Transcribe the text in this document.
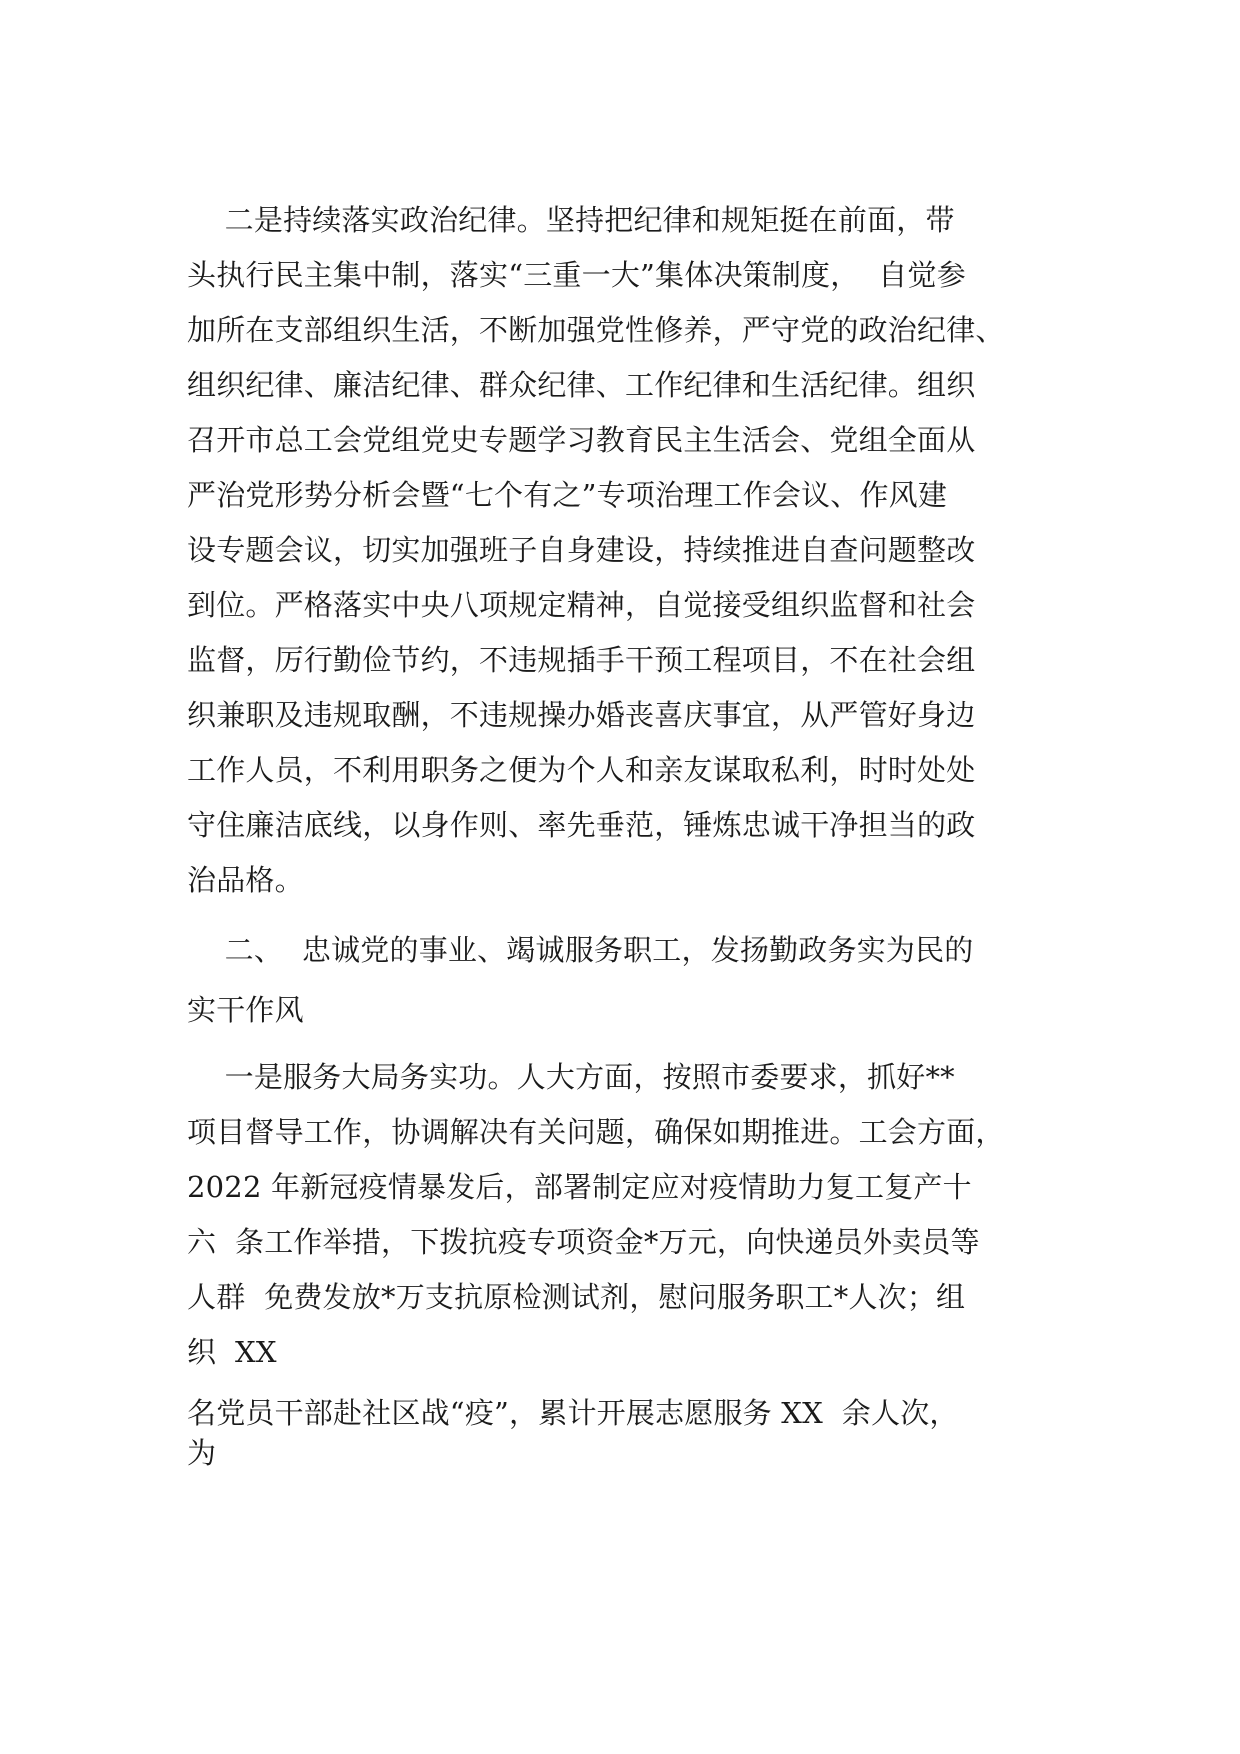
二是持续落实政治纪律。坚持把纪律和规矩挺在前面，带
头执行民主集中制，落实“三重一大”集体决策制度，  自觉参
加所在支部组织生活，不断加强党性修养，严守党的政治纪律、
组织纪律、廉洁纪律、群众纪律、工作纪律和生活纪律。组织
召开市总工会党组党史专题学习教育民主生活会、党组全面从
严治党形势分析会暨“七个有之”专项治理工作会议、作风建
设专题会议，切实加强班子自身建设，持续推进自查问题整改
到位。严格落实中央八项规定精神，自觉接受组织监督和社会
监督，厉行勤俭节约，不违规插手干预工程项目，不在社会组
织兼职及违规取酬，不违规操办婚丧喜庆事宜，从严管好身边
工作人员，不利用职务之便为个人和亲友谋取私利，时时处处
守住廉洁底线，以身作则、率先垂范，锤炼忠诚干净担当的政
治品格。
二、  忠诚党的事业、竭诚服务职工，发扬勤政务实为民的
实干作风
一是服务大局务实功。人大方面，按照市委要求，抓好**
项目督导工作，协调解决有关问题，确保如期推进。工会方面，
2022 年新冠疫情暴发后，部署制定应对疫情助力复工复产十
六  条工作举措，下拨抗疫专项资金*万元，向快递员外卖员等
人群  免费发放*万支抗原检测试剂，慰问服务职工*人次；组
织  XX
名党员干部赴社区战“疫”，累计开展志愿服务 XX  余人次，
为
